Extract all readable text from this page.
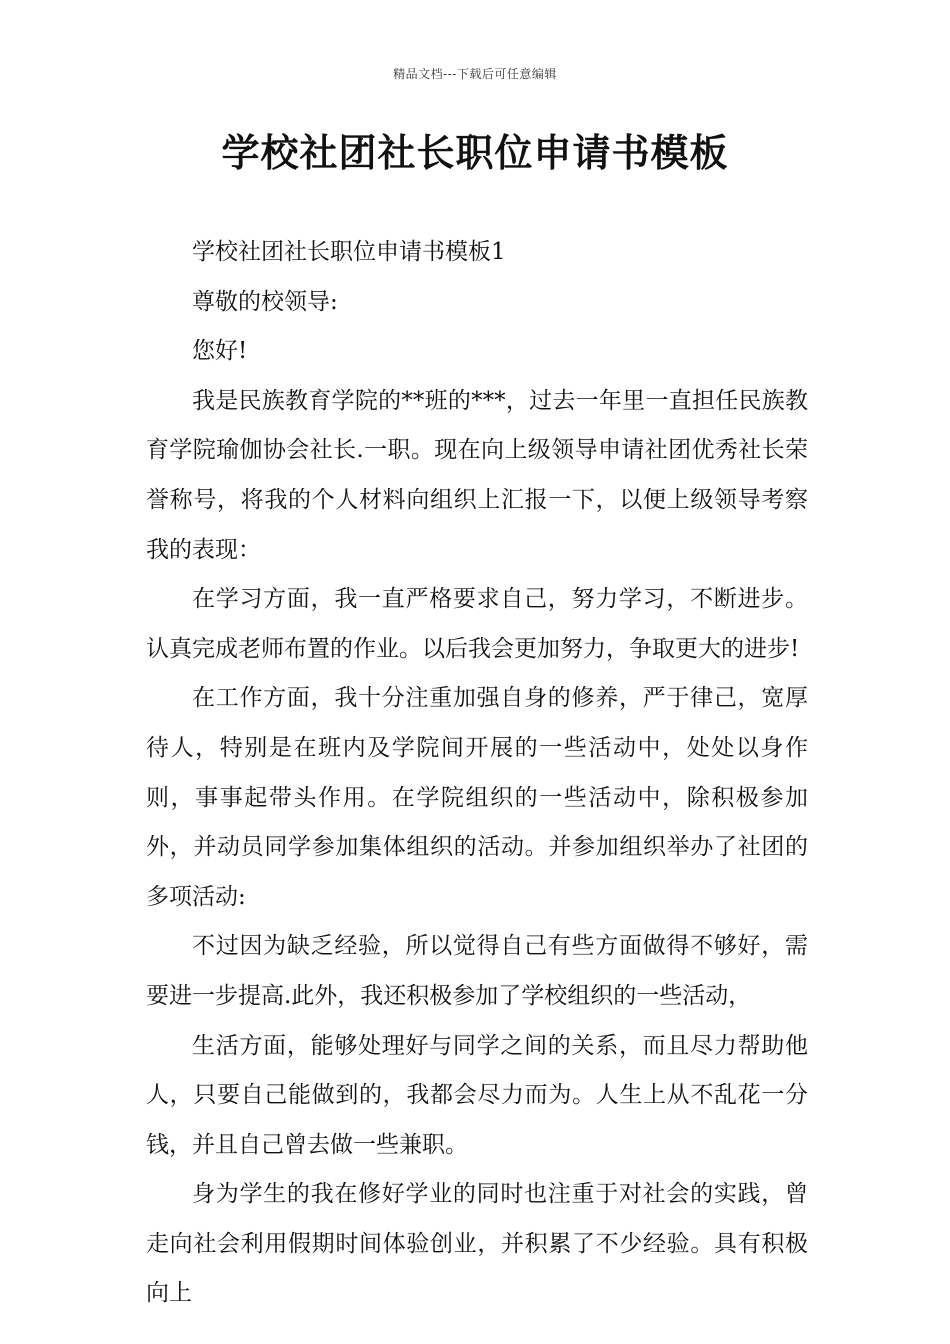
精品文档---下载后可任意编辑
学校社团社长职位申请书模板

学校社团社长职位申请书模板1

尊敬的校领导:

您好!

我是民族教育学院的**班的***，过去一年里一直担任民族教育学院瑜伽协会社长.一职。现在向上级领导申请社团优秀社长荣誉称号，将我的个人材料向组织上汇报一下，以便上级领导考察我的表现：

在学习方面，我一直严格要求自己，努力学习，不断进步。认真完成老师布置的作业。以后我会更加努力，争取更大的进步!

在工作方面，我十分注重加强自身的修养，严于律己，宽厚待人，特别是在班内及学院间开展的一些活动中，处处以身作则，事事起带头作用。在学院组织的一些活动中，除积极参加外，并动员同学参加集体组织的活动。并参加组织举办了社团的多项活动:

不过因为缺乏经验，所以觉得自己有些方面做得不够好，需要进一步提高.此外，我还积极参加了学校组织的一些活动，

生活方面，能够处理好与同学之间的关系，而且尽力帮助他人，只要自己能做到的，我都会尽力而为。人生上从不乱花一分钱，并且自己曾去做一些兼职。

身为学生的我在修好学业的同时也注重于对社会的实践，曾走向社会利用假期时间体验创业，并积累了不少经验。具有积极向上
